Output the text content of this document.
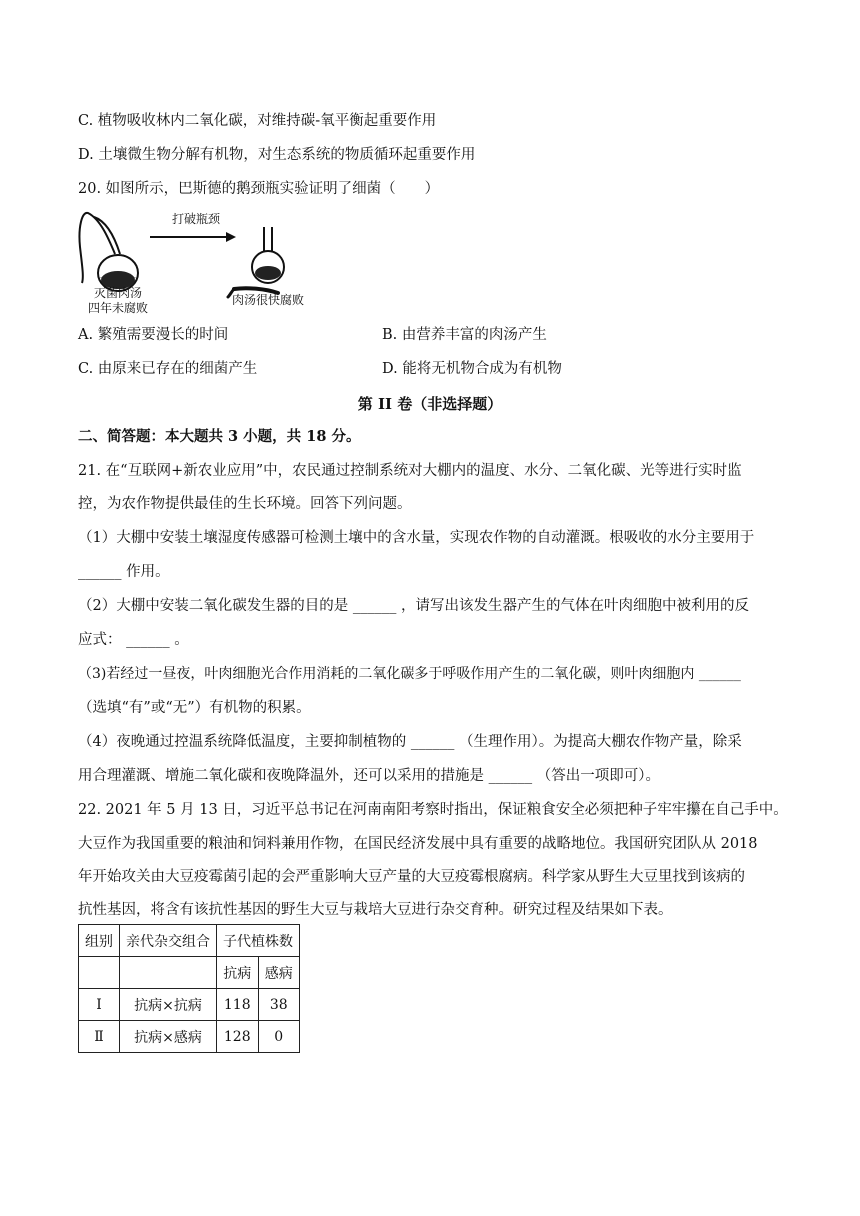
C. 植物吸收林内二氧化碳，对维持碳-氧平衡起重要作用
D. 土壤微生物分解有机物，对生态系统的物质循环起重要作用
20. 如图所示，巴斯德的鹅颈瓶实验证明了细菌（　　）
打破瓶颈
灭菌肉汤
四年未腐败
肉汤很快腐败
A. 繁殖需要漫长的时间	B. 由营养丰富的肉汤产生
C. 由原来已存在的细菌产生	D. 能将无机物合成为有机物
第 II 卷（非选择题）
二、简答题：本大题共 3 小题，共 18 分。
21. 在“互联网+新农业应用”中，农民通过控制系统对大棚内的温度、水分、二氧化碳、光等进行实时监
控，为农作物提供最佳的生长环境。回答下列问题。
（1）大棚中安装土壤湿度传感器可检测土壤中的含水量，实现农作物的自动灌溉。根吸收的水分主要用于
______ 作用。
（2）大棚中安装二氧化碳发生器的目的是 ______ ，请写出该发生器产生的气体在叶肉细胞中被利用的反
应式： ______ 。
（3)若经过一昼夜，叶肉细胞光合作用消耗的二氧化碳多于呼吸作用产生的二氧化碳，则叶肉细胞内 ______
（选填“有”或“无”）有机物的积累。
（4）夜晚通过控温系统降低温度，主要抑制植物的 ______ （生理作用）。为提高大棚农作物产量，除采
用合理灌溉、增施二氧化碳和夜晚降温外，还可以采用的措施是 ______ （答出一项即可）。
22. 2021 年 5 月 13 日，习近平总书记在河南南阳考察时指出，保证粮食安全必须把种子牢牢攥在自己手中。
大豆作为我国重要的粮油和饲料兼用作物，在国民经济发展中具有重要的战略地位。我国研究团队从 2018
年开始攻关由大豆疫霉菌引起的会严重影响大豆产量的大豆疫霉根腐病。科学家从野生大豆里找到该病的
抗性基因，将含有该抗性基因的野生大豆与栽培大豆进行杂交育种。研究过程及结果如下表。
组别	亲代杂交组合	子代植株数	
		抗病	感病
Ⅰ	抗病×抗病	118	38
Ⅱ	抗病×感病	128	0
